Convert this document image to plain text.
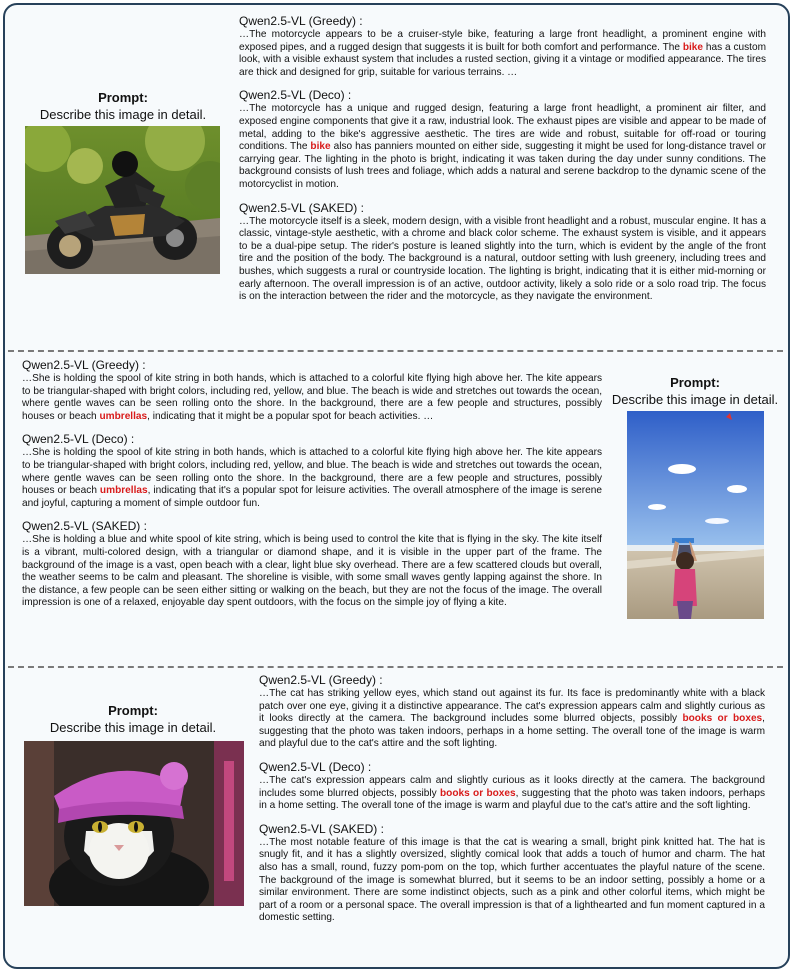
Prompt:
Describe this image in detail.
Qwen2.5-VL (Greedy) :

…The motorcycle appears to be a cruiser-style bike, featuring a large front headlight, a prominent engine with exposed pipes, and a rugged design that suggests it is built for both comfort and performance. The bike has a custom look, with a visible exhaust system that includes a rusted section, giving it a vintage or modified appearance. The tires are thick and designed for grip, suitable for various terrains. …

Qwen2.5-VL (Deco) :

…The motorcycle has a unique and rugged design, featuring a large front headlight, a prominent air filter, and exposed engine components that give it a raw, industrial look. The exhaust pipes are visible and appear to be made of metal, adding to the bike's aggressive aesthetic. The tires are wide and robust, suitable for off-road or touring conditions. The bike also has panniers mounted on either side, suggesting it might be used for long-distance travel or carrying gear. The lighting in the photo is bright, indicating it was taken during the day under sunny conditions. The background consists of lush trees and foliage, which adds a natural and serene backdrop to the dynamic scene of the motorcyclist in motion.

Qwen2.5-VL (SAKED) :

…The motorcycle itself is a sleek, modern design, with a visible front headlight and a robust, muscular engine. It has a classic, vintage-style aesthetic, with a chrome and black color scheme. The exhaust system is visible, and it appears to be a dual-pipe setup. The rider's posture is leaned slightly into the turn, which is evident by the angle of the front tire and the position of the body. The background is a natural, outdoor setting with lush greenery, including trees and bushes, which suggests a rural or countryside location. The lighting is bright, indicating that it is either mid-morning or early afternoon. The overall impression is of an active, outdoor activity, likely a solo ride or a solo road trip. The focus is on the interaction between the rider and the motorcycle, as they navigate the environment.

Qwen2.5-VL (Greedy) :

…She is holding the spool of kite string in both hands, which is attached to a colorful kite flying high above her. The kite appears to be triangular-shaped with bright colors, including red, yellow, and blue. The beach is wide and stretches out towards the ocean, where gentle waves can be seen rolling onto the shore. In the background, there are a few people and structures, possibly houses or beach umbrellas, indicating that it might be a popular spot for beach activities. …

Qwen2.5-VL (Deco) :

…She is holding the spool of kite string in both hands, which is attached to a colorful kite flying high above her. The kite appears to be triangular-shaped with bright colors, including red, yellow, and blue. The beach is wide and stretches out towards the ocean, where gentle waves can be seen rolling onto the shore. In the background, there are a few people and structures, possibly houses or beach umbrellas, indicating that it's a popular spot for leisure activities. The overall atmosphere of the image is serene and joyful, capturing a moment of simple outdoor fun.

Qwen2.5-VL (SAKED) :

…She is holding a blue and white spool of kite string, which is being used to control the kite that is flying in the sky. The kite itself is a vibrant, multi-colored design, with a triangular or diamond shape, and it is visible in the upper part of the frame. The background of the image is a vast, open beach with a clear, light blue sky overhead. There are a few scattered clouds but overall, the weather seems to be calm and pleasant. The shoreline is visible, with some small waves gently lapping against the shore. In the distance, a few people can be seen either sitting or walking on the beach, but they are not the focus of the image. The overall impression is one of a relaxed, enjoyable day spent outdoors, with the focus on the simple joy of flying a kite.

Prompt:
Describe this image in detail.
Prompt:
Describe this image in detail.
Qwen2.5-VL (Greedy) :

…The cat has striking yellow eyes, which stand out against its fur. Its face is predominantly white with a black patch over one eye, giving it a distinctive appearance. The cat's expression appears calm and slightly curious as it looks directly at the camera. The background includes some blurred objects, possibly books or boxes, suggesting that the photo was taken indoors, perhaps in a home setting. The overall tone of the image is warm and playful due to the cat's attire and the soft lighting.

Qwen2.5-VL (Deco) :

…The cat's expression appears calm and slightly curious as it looks directly at the camera. The background includes some blurred objects, possibly books or boxes, suggesting that the photo was taken indoors, perhaps in a home setting. The overall tone of the image is warm and playful due to the cat's attire and the soft lighting.

Qwen2.5-VL (SAKED) :

…The most notable feature of this image is that the cat is wearing a small, bright pink knitted hat. The hat is snugly fit, and it has a slightly oversized, slightly comical look that adds a touch of humor and charm. The hat also has a small, round, fuzzy pom-pom on the top, which further accentuates the playful nature of the scene. The background of the image is somewhat blurred, but it seems to be an indoor setting, possibly a home or a similar environment. There are some indistinct objects, such as a pink and other colorful items, which might be part of a room or a personal space. The overall impression is that of a lighthearted and fun moment captured in a domestic setting.
